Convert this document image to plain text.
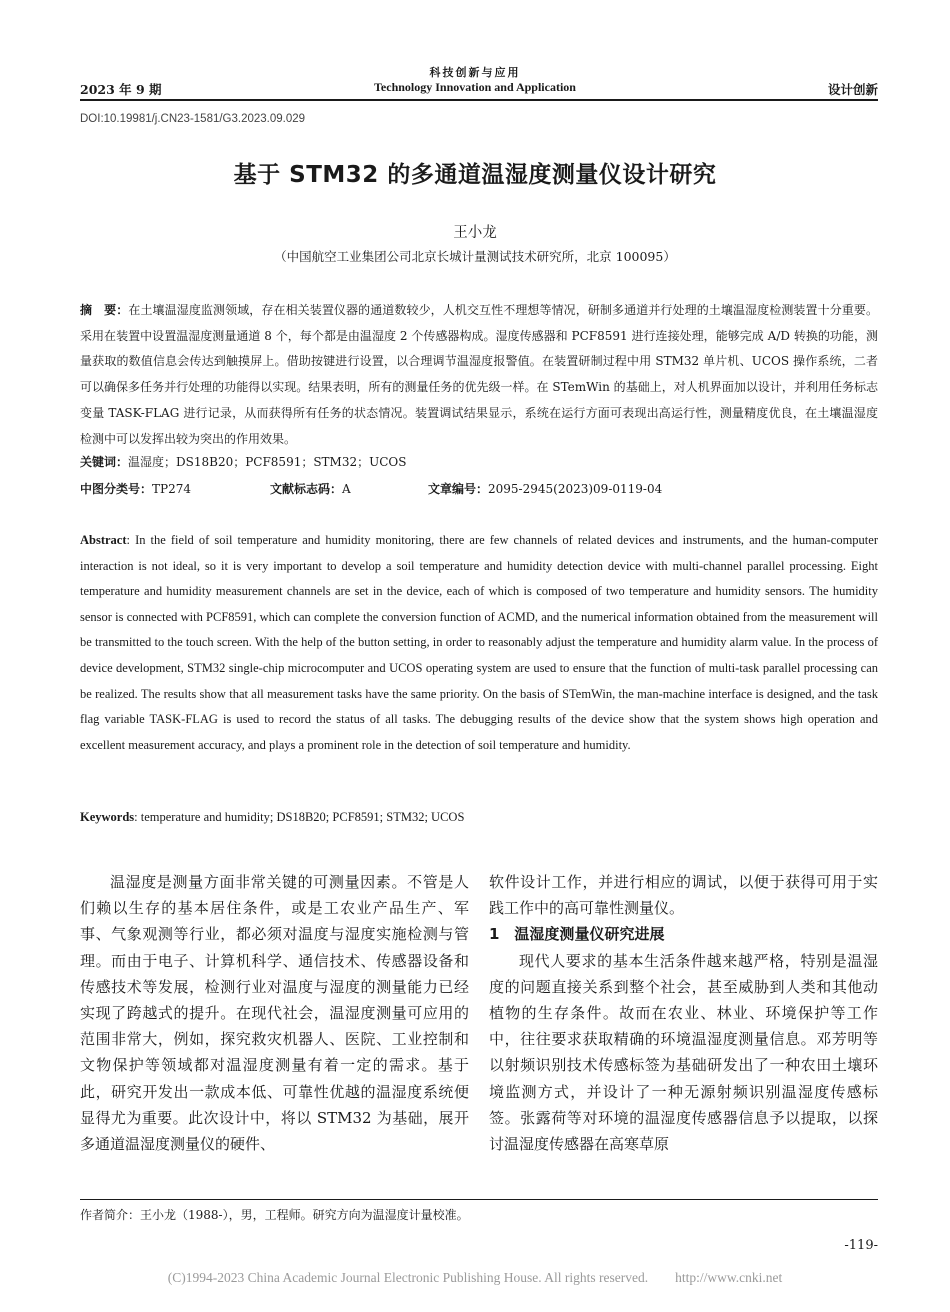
科技创新与应用
Technology Innovation and Application
2023 年 9 期	设计创新
DOI:10.19981/j.CN23-1581/G3.2023.09.029
基于 STM32 的多通道温湿度测量仪设计研究
王小龙
（中国航空工业集团公司北京长城计量测试技术研究所，北京 100095）
摘　要：在土壤温湿度监测领域，存在相关装置仪器的通道数较少，人机交互性不理想等情况，研制多通道并行处理的土壤温湿度检测装置十分重要。采用在装置中设置温湿度测量通道 8 个，每个都是由温湿度 2 个传感器构成。湿度传感器和 PCF8591 进行连接处理，能够完成 A/D 转换的功能，测量获取的数值信息会传达到触摸屏上。借助按键进行设置，以合理调节温湿度报警值。在装置研制过程中用 STM32 单片机、UCOS 操作系统，二者可以确保多任务并行处理的功能得以实现。结果表明，所有的测量任务的优先级一样。在 STemWin 的基础上，对人机界面加以设计，并利用任务标志变量 TASK-FLAG 进行记录，从而获得所有任务的状态情况。装置调试结果显示，系统在运行方面可表现出高运行性，测量精度优良，在土壤温湿度检测中可以发挥出较为突出的作用效果。
关键词：温湿度；DS18B20；PCF8591；STM32；UCOS
中图分类号：TP274	文献标志码：A	文章编号：2095-2945(2023)09-0119-04
Abstract: In the field of soil temperature and humidity monitoring, there are few channels of related devices and instruments, and the human-computer interaction is not ideal, so it is very important to develop a soil temperature and humidity detection device with multi-channel parallel processing. Eight temperature and humidity measurement channels are set in the device, each of which is composed of two temperature and humidity sensors. The humidity sensor is connected with PCF8591, which can complete the conversion function of ACMD, and the numerical information obtained from the measurement will be transmitted to the touch screen. With the help of the button setting, in order to reasonably adjust the temperature and humidity alarm value. In the process of device development, STM32 single-chip microcomputer and UCOS operating system are used to ensure that the function of multi-task parallel processing can be realized. The results show that all measurement tasks have the same priority. On the basis of STemWin, the man-machine interface is designed, and the task flag variable TASK-FLAG is used to record the status of all tasks. The debugging results of the device show that the system shows high operation and excellent measurement accuracy, and plays a prominent role in the detection of soil temperature and humidity.
Keywords: temperature and humidity; DS18B20; PCF8591; STM32; UCOS

温湿度是测量方面非常关键的可测量因素。不管是人们赖以生存的基本居住条件，或是工农业产品生产、军事、气象观测等行业，都必须对温度与湿度实施检测与管理。而由于电子、计算机科学、通信技术、传感器设备和传感技术等发展，检测行业对温度与湿度的测量能力已经实现了跨越式的提升。在现代社会，温湿度测量可应用的范围非常大，例如，探究救灾机器人、医院、工业控制和文物保护等领域都对温湿度测量有着一定的需求。基于此，研究开发出一款成本低、可靠性优越的温湿度系统便显得尤为重要。此次设计中，将以 STM32 为基础，展开多通道温湿度测量仪的硬件、

软件设计工作，并进行相应的调试，以便于获得可用于实践工作中的高可靠性测量仪。

1　温湿度测量仪研究进展

现代人要求的基本生活条件越来越严格，特别是温湿度的问题直接关系到整个社会，甚至威胁到人类和其他动植物的生存条件。故而在农业、林业、环境保护等工作中，往往要求获取精确的环境温湿度测量信息。邓芳明等以射频识别技术传感标签为基础研发出了一种农田土壤环境监测方式，并设计了一种无源射频识别温湿度传感标签。张露荷等对环境的温湿度传感器信息予以提取，以探讨温湿度传感器在高寒草原

作者简介：王小龙（1988-），男，工程师。研究方向为温湿度计量校准。
-119-
(C)1994-2023 China Academic Journal Electronic Publishing House. All rights reserved.　　http://www.cnki.net
